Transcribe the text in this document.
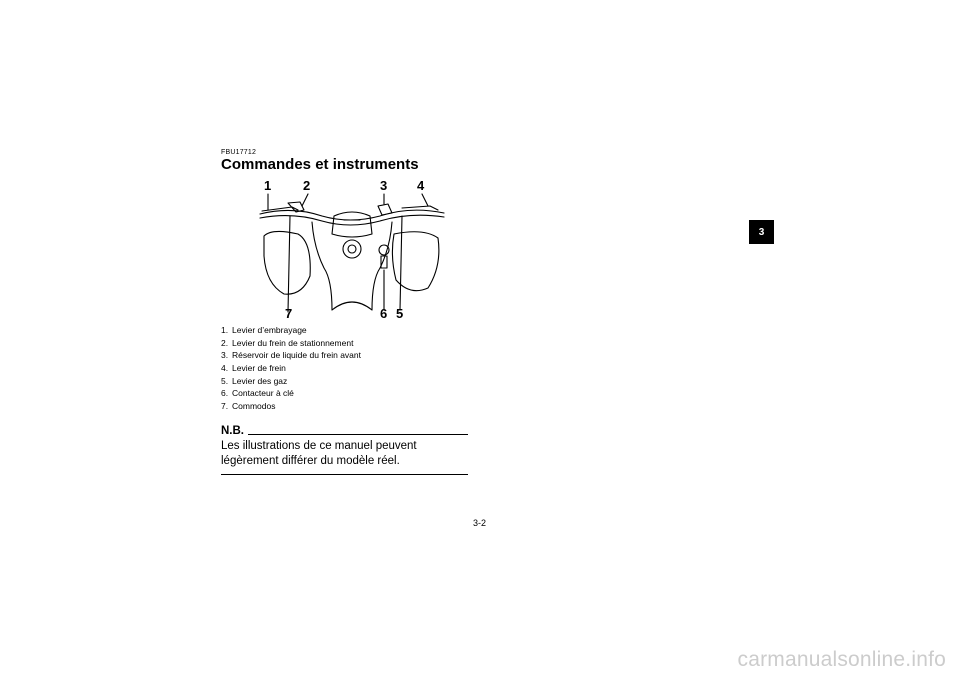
FBU17712
Commandes et instruments
1 2	3 4
7	6 5
1. Levier d’embrayage
2. Levier du frein de stationnement
3. Réservoir de liquide du frein avant
4. Levier de frein
5. Levier des gaz
6. Contacteur à clé
7. Commodos
N.B.
Les illustrations de ce manuel peuvent légèrement différer du modèle réel.
3-2
3
carmanualsonline.info
